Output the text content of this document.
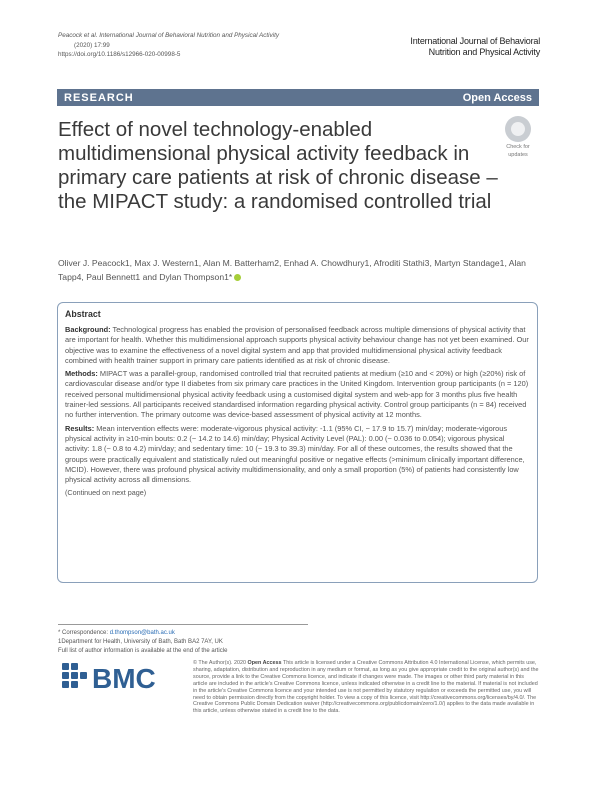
Peacock et al. International Journal of Behavioral Nutrition and Physical Activity
(2020) 17:99
https://doi.org/10.1186/s12966-020-00998-5
International Journal of Behavioral
Nutrition and Physical Activity
RESEARCH	Open Access
Effect of novel technology-enabled multidimensional physical activity feedback in primary care patients at risk of chronic disease – the MIPACT study: a randomised controlled trial
Check for
updates
Oliver J. Peacock1, Max J. Western1, Alan M. Batterham2, Enhad A. Chowdhury1, Afroditi Stathi3, Martyn Standage1, Alan Tapp4, Paul Bennett1 and Dylan Thompson1*
Abstract

Background: Technological progress has enabled the provision of personalised feedback across multiple dimensions of physical activity that are important for health. Whether this multidimensional approach supports physical activity behaviour change has not yet been examined. Our objective was to examine the effectiveness of a novel digital system and app that provided multidimensional physical activity feedback combined with health trainer support in primary care patients identified as at risk of chronic disease.

Methods: MIPACT was a parallel-group, randomised controlled trial that recruited patients at medium (≥10 and < 20%) or high (≥20%) risk of cardiovascular disease and/or type II diabetes from six primary care practices in the United Kingdom. Intervention group participants (n = 120) received personal multidimensional physical activity feedback using a customised digital system and web-app for 3 months plus five health trainer-led sessions. All participants received standardised information regarding physical activity. Control group participants (n = 84) received no further intervention. The primary outcome was device-based assessment of physical activity at 12 months.

Results: Mean intervention effects were: moderate-vigorous physical activity: -1.1 (95% CI, − 17.9 to 15.7) min/day; moderate-vigorous physical activity in ≥10-min bouts: 0.2 (− 14.2 to 14.6) min/day; Physical Activity Level (PAL): 0.00 (− 0.036 to 0.054); vigorous physical activity: 1.8 (− 0.8 to 4.2) min/day; and sedentary time: 10 (− 19.3 to 39.3) min/day. For all of these outcomes, the results showed that the groups were practically equivalent and statistically ruled out meaningful positive or negative effects (>minimum clinically important difference, MCID). However, there was profound physical activity multidimensionality, and only a small proportion (5%) of patients had consistently low physical activity across all dimensions.

(Continued on next page)
* Correspondence: d.thompson@bath.ac.uk
1Department for Health, University of Bath, Bath BA2 7AY, UK
Full list of author information is available at the end of the article
BMC	© The Author(s). 2020 Open Access This article is licensed under a Creative Commons Attribution 4.0 International License, which permits use, sharing, adaptation, distribution and reproduction in any medium or format, as long as you give appropriate credit to the original author(s) and the source, provide a link to the Creative Commons licence, and indicate if changes were made. The images or other third party material in this article are included in the article's Creative Commons licence, unless indicated otherwise in a credit line to the material. If material is not included in the article's Creative Commons licence and your intended use is not permitted by statutory regulation or exceeds the permitted use, you will need to obtain permission directly from the copyright holder. To view a copy of this licence, visit http://creativecommons.org/licenses/by/4.0/. The Creative Commons Public Domain Dedication waiver (http://creativecommons.org/publicdomain/zero/1.0/) applies to the data made available in this article, unless otherwise stated in a credit line to the data.
